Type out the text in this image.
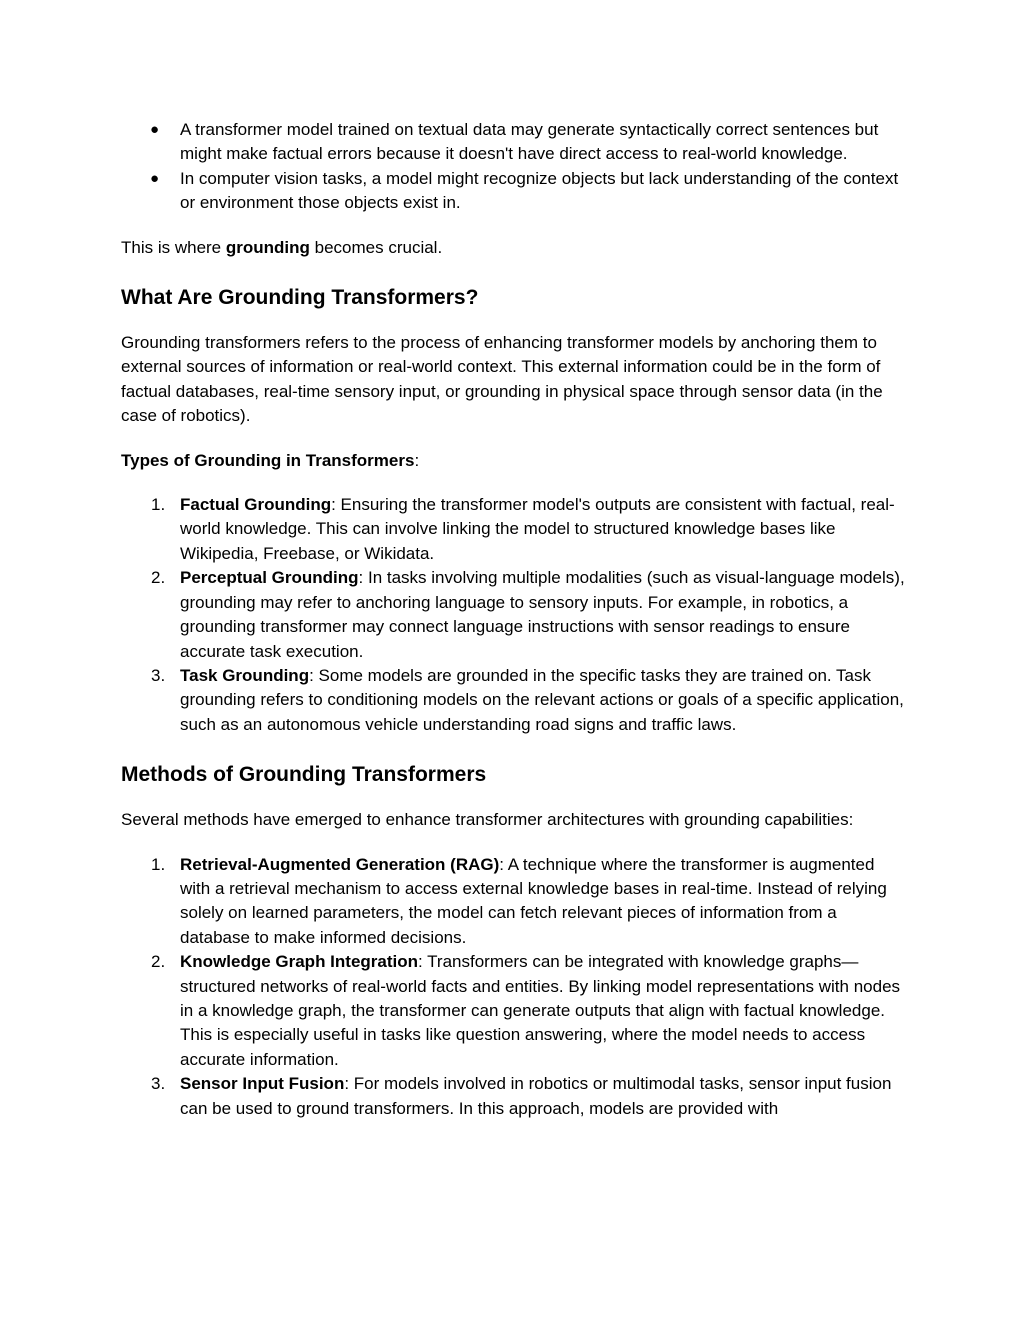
● A transformer model trained on textual data may generate syntactically correct sentences but might make factual errors because it doesn't have direct access to real-world knowledge.
● In computer vision tasks, a model might recognize objects but lack understanding of the context or environment those objects exist in.

This is where grounding becomes crucial.

What Are Grounding Transformers?

Grounding transformers refers to the process of enhancing transformer models by anchoring them to external sources of information or real-world context. This external information could be in the form of factual databases, real-time sensory input, or grounding in physical space through sensor data (in the case of robotics).

Types of Grounding in Transformers:

1. Factual Grounding: Ensuring the transformer model's outputs are consistent with factual, real-world knowledge. This can involve linking the model to structured knowledge bases like Wikipedia, Freebase, or Wikidata.
2. Perceptual Grounding: In tasks involving multiple modalities (such as visual-language models), grounding may refer to anchoring language to sensory inputs. For example, in robotics, a grounding transformer may connect language instructions with sensor readings to ensure accurate task execution.
3. Task Grounding: Some models are grounded in the specific tasks they are trained on. Task grounding refers to conditioning models on the relevant actions or goals of a specific application, such as an autonomous vehicle understanding road signs and traffic laws.
Methods of Grounding Transformers

Several methods have emerged to enhance transformer architectures with grounding capabilities:

1. Retrieval-Augmented Generation (RAG): A technique where the transformer is augmented with a retrieval mechanism to access external knowledge bases in real-time. Instead of relying solely on learned parameters, the model can fetch relevant pieces of information from a database to make informed decisions.
2. Knowledge Graph Integration: Transformers can be integrated with knowledge graphs—structured networks of real-world facts and entities. By linking model representations with nodes in a knowledge graph, the transformer can generate outputs that align with factual knowledge. This is especially useful in tasks like question answering, where the model needs to access accurate information.
3. Sensor Input Fusion: For models involved in robotics or multimodal tasks, sensor input fusion can be used to ground transformers. In this approach, models are provided with
